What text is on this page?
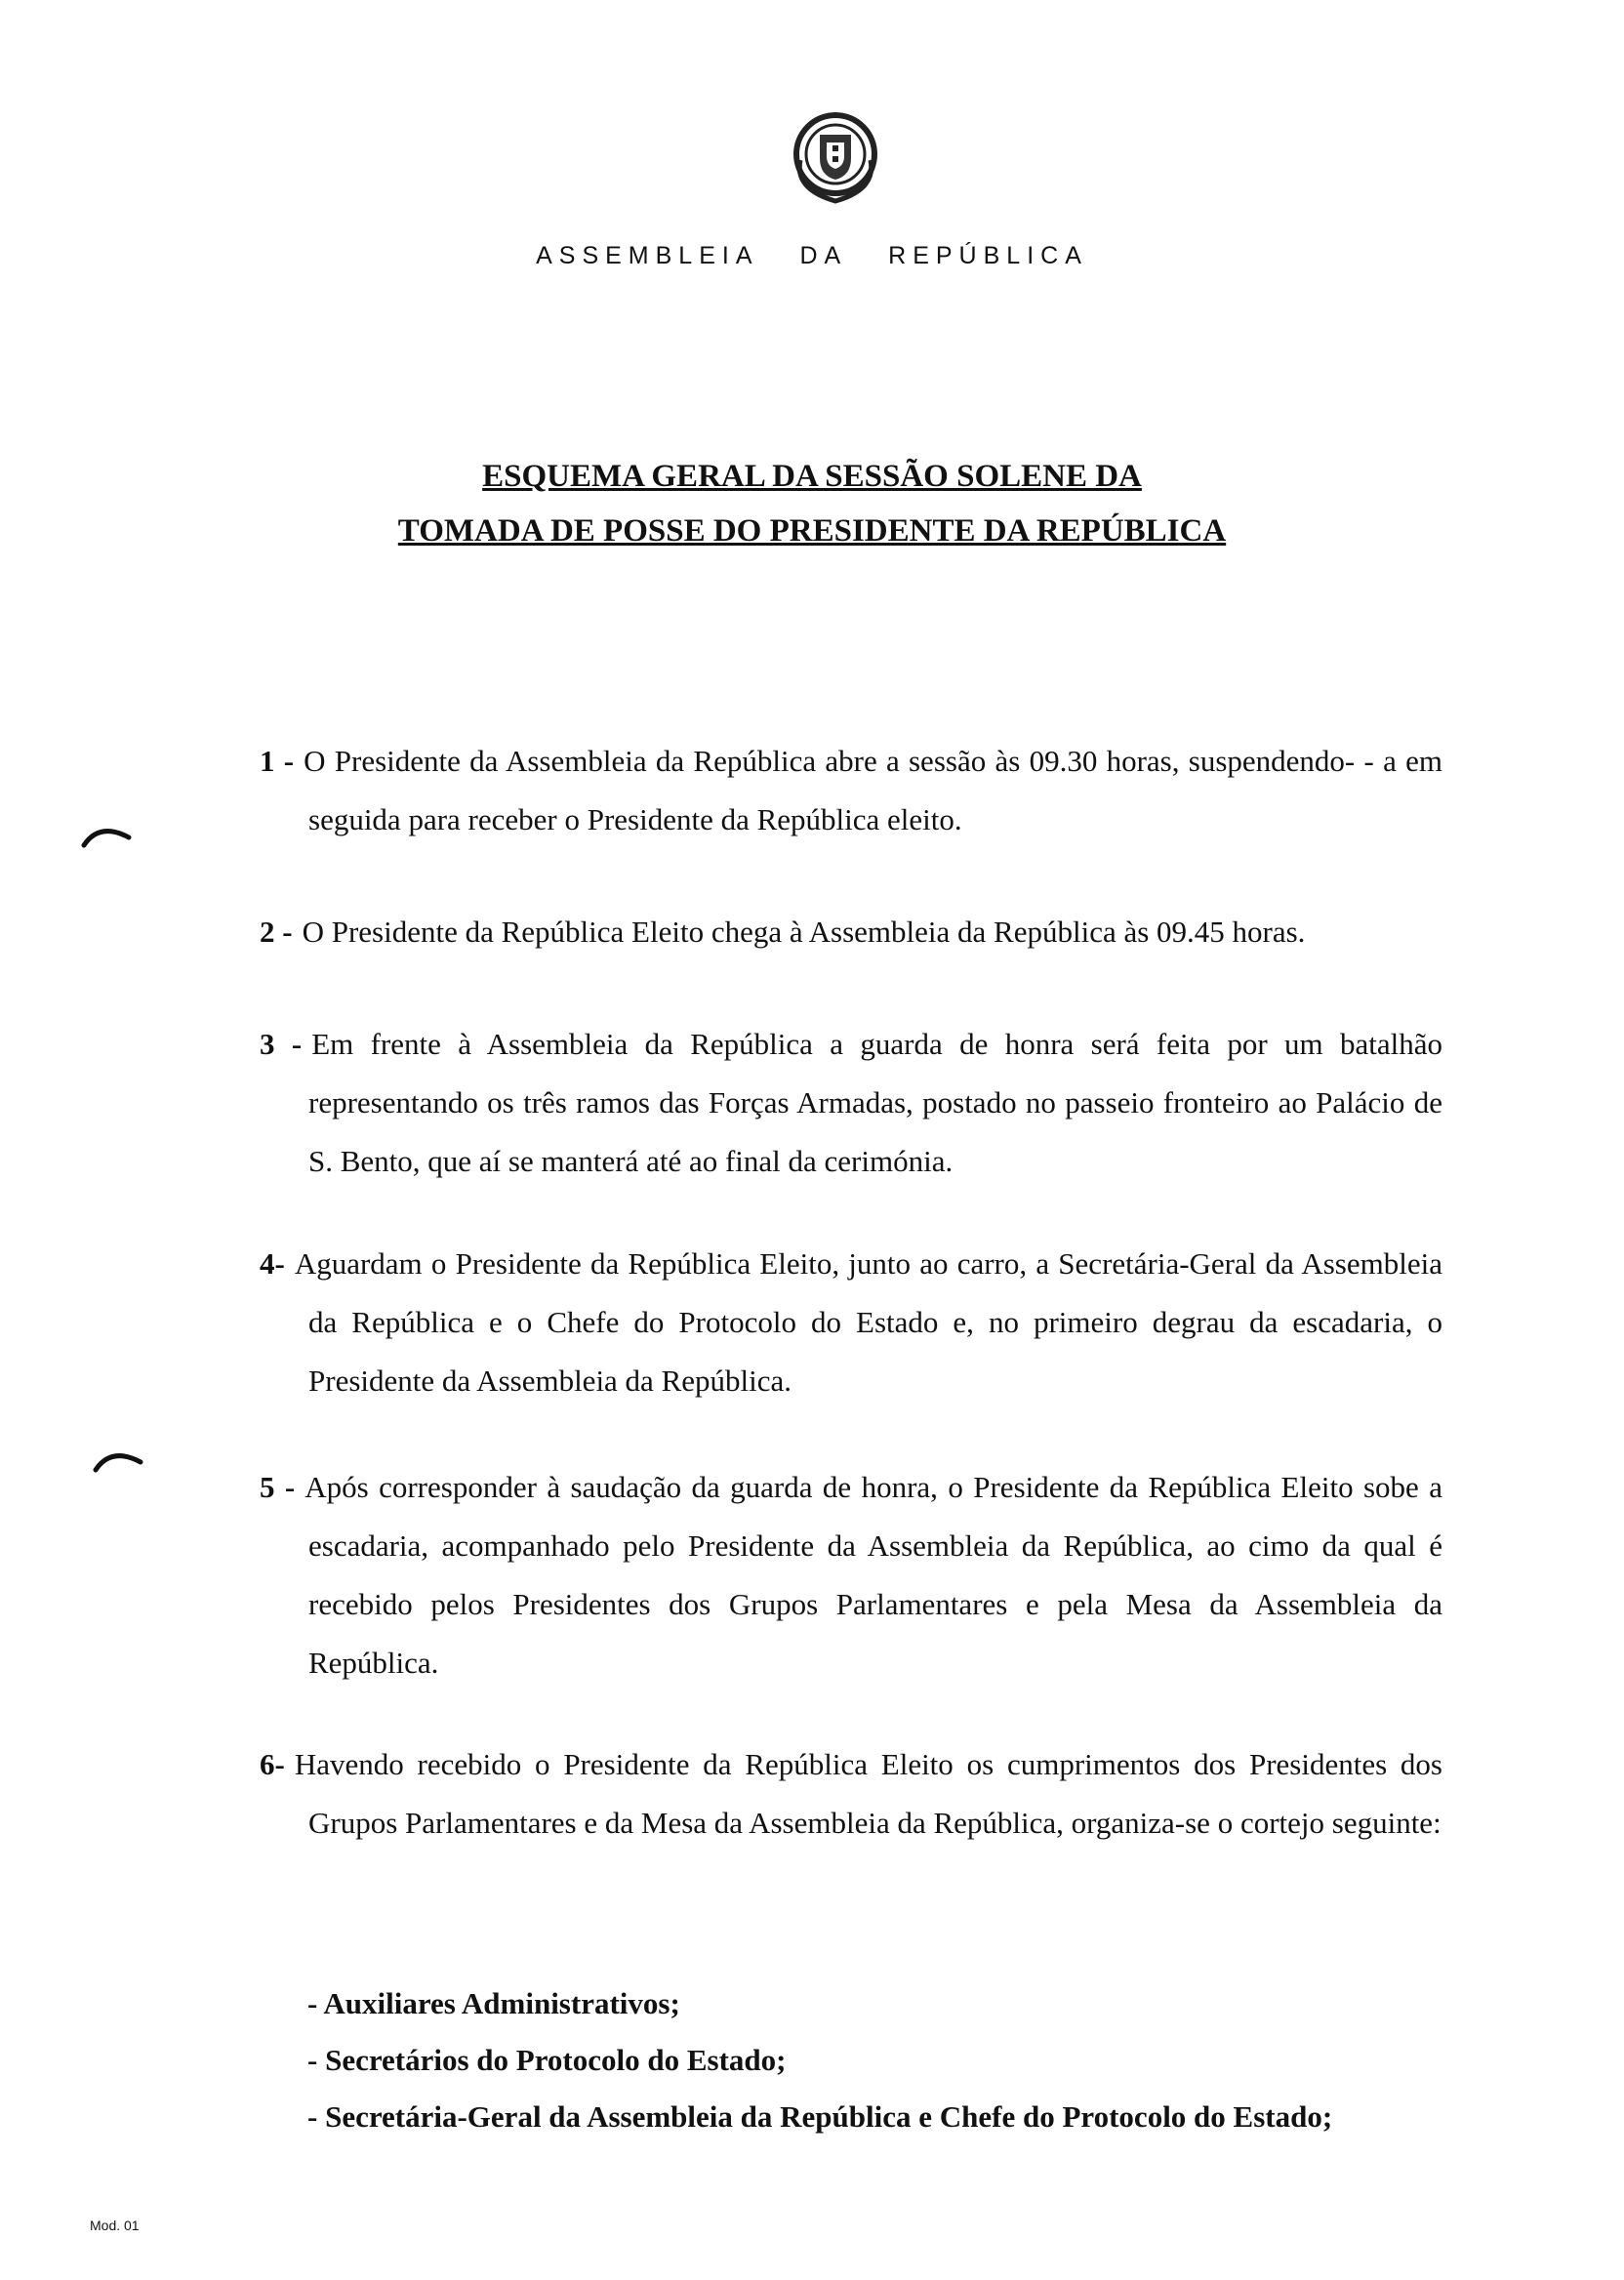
ASSEMBLEIA DA REPÚBLICA
ESQUEMA GERAL DA SESSÃO SOLENE DA
TOMADA DE POSSE DO PRESIDENTE DA REPÚBLICA

1 - O Presidente da Assembleia da República abre a sessão às 09.30 horas, suspendendo- - a em seguida para receber o Presidente da República eleito.

2 - O Presidente da República Eleito chega à Assembleia da República às 09.45 horas.

3 - Em frente à Assembleia da República a guarda de honra será feita por um batalhão representando os três ramos das Forças Armadas, postado no passeio fronteiro ao Palácio de S. Bento, que aí se manterá até ao final da cerimónia.

4- Aguardam o Presidente da República Eleito, junto ao carro, a Secretária-Geral da Assembleia da República e o Chefe do Protocolo do Estado e, no primeiro degrau da escadaria, o Presidente da Assembleia da República.

5 - Após corresponder à saudação da guarda de honra, o Presidente da República Eleito sobe a escadaria, acompanhado pelo Presidente da Assembleia da República, ao cimo da qual é recebido pelos Presidentes dos Grupos Parlamentares e pela Mesa da Assembleia da República.

6- Havendo recebido o Presidente da República Eleito os cumprimentos dos Presidentes dos Grupos Parlamentares e da Mesa da Assembleia da República, organiza-se o cortejo seguinte:

- Auxiliares Administrativos;
- Secretários do Protocolo do Estado;
- Secretária-Geral da Assembleia da República e Chefe do Protocolo do Estado;
Mod. 01
